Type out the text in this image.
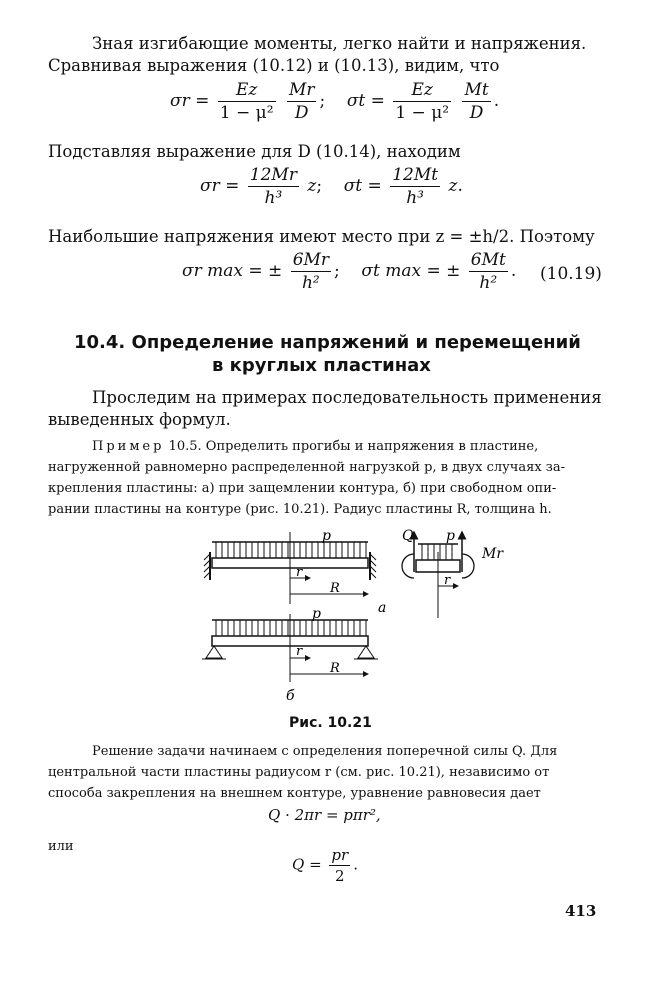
Зная изгибающие моменты, легко найти и напряжения.

Сравнивая выражения (10.12) и (10.13), видим, что

$\sigma r = \frac{Ez}{\text{1 − μ²}}$
$\frac{Mr}{D}$ ;    $\sigma t = \frac{Ez}{\text{1 − μ²}}$
$\frac{Mt}{D}$ .

Подставляя выражение для D (10.14), находим

$\sigma r = \frac{12Mr}{\text{h³}} z$;    $\sigma t = \frac{12Mt}{\text{h³}} z$.

Наибольшие напряжения имеют место при z = ±h/2. Поэтому

σr max = ± $\frac{6Mr}{\text{h²}}$ ;    σt max = ± $\frac{6Mt}{\text{h²}}$ . (10.19)
10.4. Определение напряжений и перемещений
в круглых пластинах

Проследим на примерах последовательность применения

выведенных формул.

Пример 10.5. Определить прогибы и напряжения в пластине,

нагруженной равномерно распределенной нагрузкой p, в двух случаях за-

крепления пластины: а) при защемлении контура, б) при свободном опи-

рании пластины на контуре (рис. 10.21). Радиус пластины R, толщина h.

p
r
R
a
p
r
R
б
Q p
Mr
r
Рис. 10.21

Решение задачи начинаем с определения поперечной силы Q. Для

центральной части пластины радиусом r (см. рис. 10.21), независимо от

способа закрепления на внешнем контуре, уравнение равновесия дает

Q · 2πr = pπr²,

или

$Q = \frac{pr}{2}$ .
413
